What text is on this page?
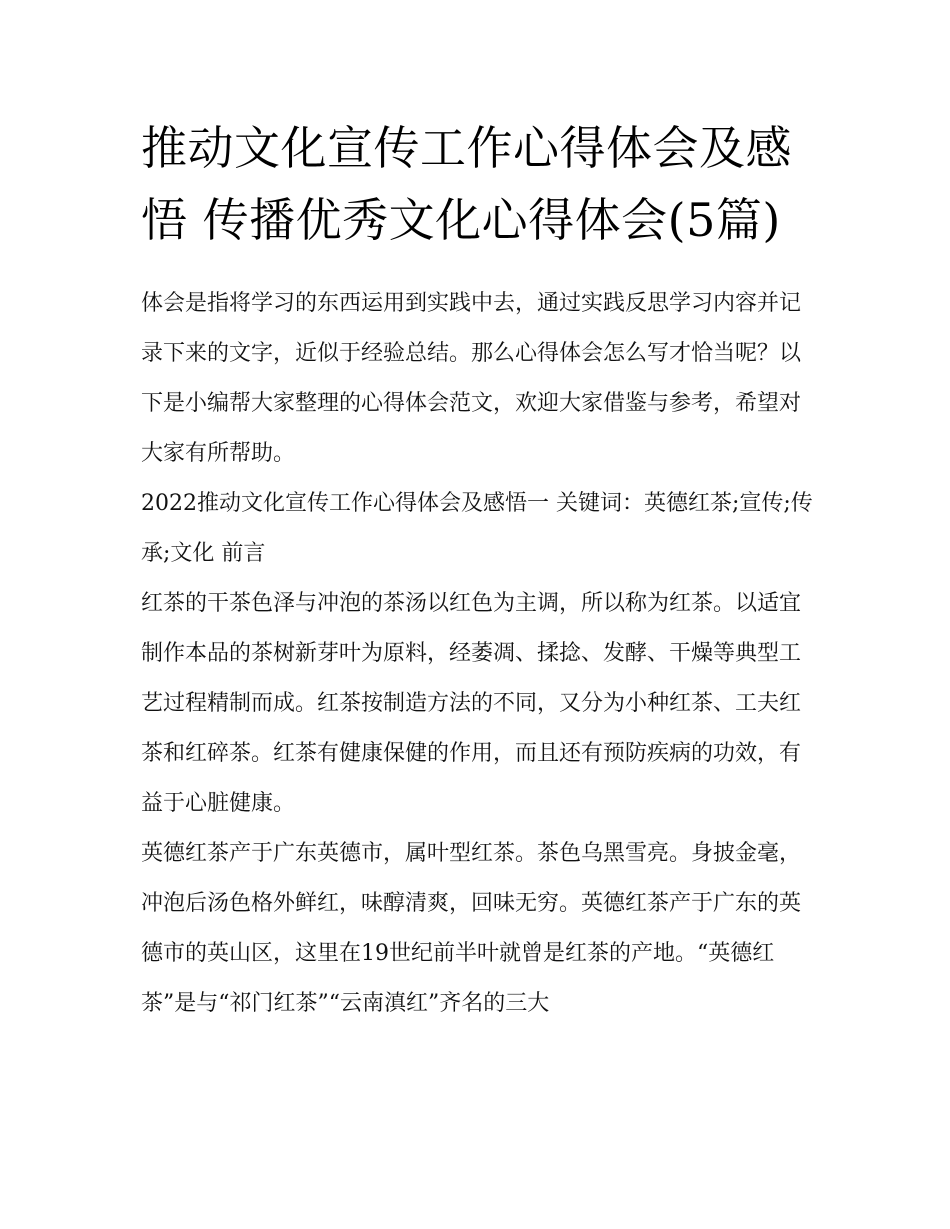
推动文化宣传工作心得体会及感悟 传播优秀文化心得体会(5篇)

体会是指将学习的东西运用到实践中去，通过实践反思学习内容并记录下来的文字，近似于经验总结。那么心得体会怎么写才恰当呢？以下是小编帮大家整理的心得体会范文，欢迎大家借鉴与参考，希望对大家有所帮助。

2022推动文化宣传工作心得体会及感悟一 关键词：英德红茶;宣传;传承;文化 前言

红茶的干茶色泽与冲泡的茶汤以红色为主调，所以称为红茶。以适宜制作本品的茶树新芽叶为原料，经萎凋、揉捻、发酵、干燥等典型工艺过程精制而成。红茶按制造方法的不同，又分为小种红茶、工夫红茶和红碎茶。红茶有健康保健的作用，而且还有预防疾病的功效，有益于心脏健康。

英德红茶产于广东英德市，属叶型红茶。茶色乌黑雪亮。身披金毫，冲泡后汤色格外鲜红，味醇清爽，回味无穷。英德红茶产于广东的英德市的英山区，这里在19世纪前半叶就曾是红茶的产地。“英德红茶”是与“祁门红茶”“云南滇红”齐名的三大
